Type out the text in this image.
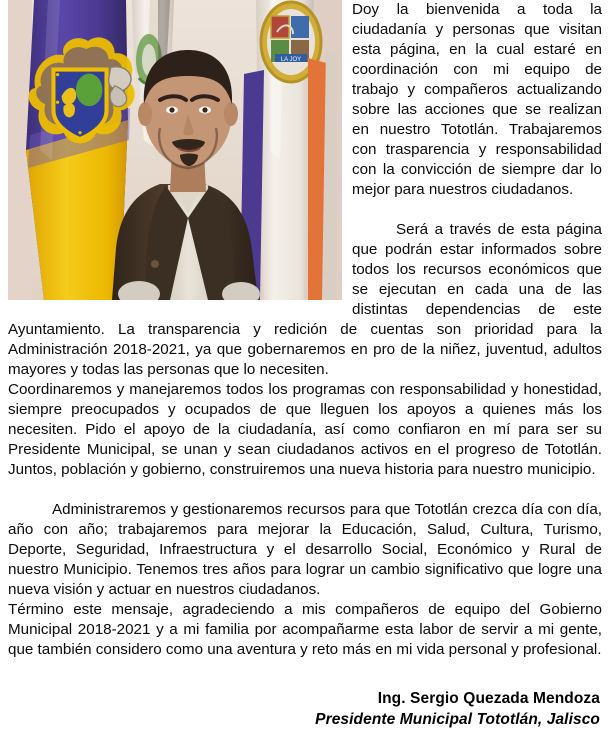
LA JOY

Doy la bienvenida a toda la ciudadanía y personas que visitan esta página, en la cual estaré en coordinación con mi equipo de trabajo y compañeros actualizando sobre las acciones que se realizan en nuestro Tototlán. Trabajaremos con trasparencia y responsabilidad con la convicción de siempre dar lo mejor para nuestros ciudadanos.

Será a través de esta página que podrán estar informados sobre todos los recursos económicos que se ejecutan en cada una de las distintas dependencias de este Ayuntamiento. La transparencia y redición de cuentas son prioridad para la Administración 2018-2021, ya que gobernaremos en pro de la niñez, juventud, adultos mayores y todas las personas que lo necesiten.

Coordinaremos y manejaremos todos los programas con responsabilidad y honestidad, siempre preocupados y ocupados de que lleguen los apoyos a quienes más los necesiten. Pido el apoyo de la ciudadanía, así como confiaron en mí para ser su Presidente Municipal, se unan y sean ciudadanos activos en el progreso de Tototlán. Juntos, población y gobierno, construiremos una nueva historia para nuestro municipio.

Administraremos y gestionaremos recursos para que Tototlán crezca día con día, año con año; trabajaremos para mejorar la Educación, Salud, Cultura, Turismo, Deporte, Seguridad, Infraestructura y el desarrollo Social, Económico y Rural de nuestro Municipio. Tenemos tres años para lograr un cambio significativo que logre una nueva visión y actuar en nuestros ciudadanos.

Término este mensaje, agradeciendo a mis compañeros de equipo del Gobierno Municipal 2018-2021 y a mi familia por acompañarme esta labor de servir a mi gente, que también considero como una aventura y reto más en mi vida personal y profesional.

Ing. Sergio Quezada Mendoza
Presidente Municipal Tototlán, Jalisco
